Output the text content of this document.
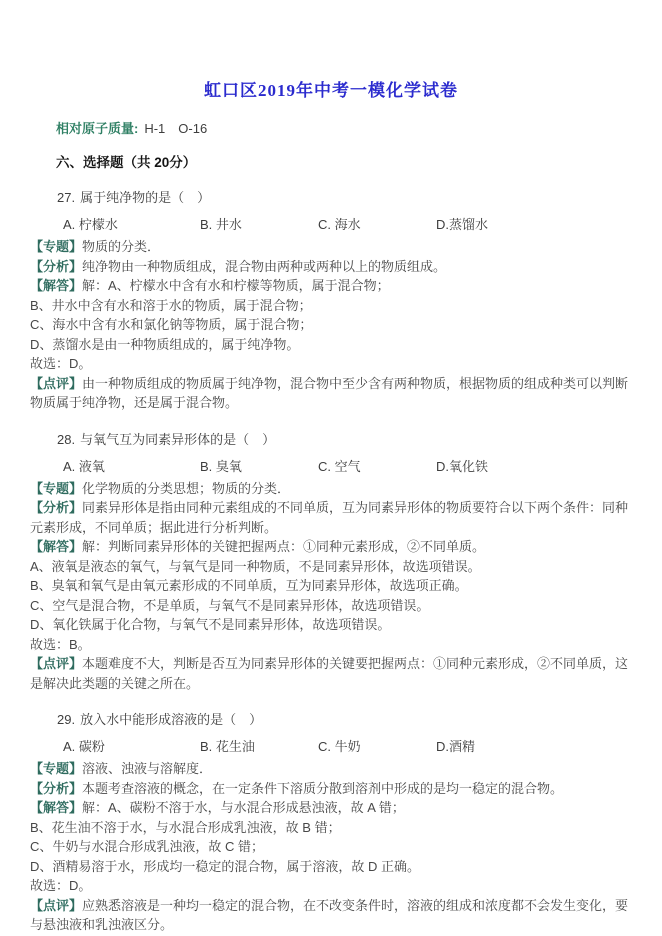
虹口区2019年中考一模化学试卷

相对原子质量: H-1　O-16

六、选择题（共 20分）

27. 属于纯净物的是（　）

A. 柠檬水	B. 井水	C. 海水	D.蒸馏水

【专题】物质的分类．

【分析】纯净物由一种物质组成，混合物由两种或两种以上的物质组成。

【解答】解：A、柠檬水中含有水和柠檬等物质，属于混合物；

B、井水中含有水和溶于水的物质，属于混合物；

C、海水中含有水和氯化钠等物质，属于混合物；

D、蒸馏水是由一种物质组成的，属于纯净物。

故选：D。

【点评】由一种物质组成的物质属于纯净物，混合物中至少含有两种物质，根据物质的组成种类可以判断物质属于纯净物，还是属于混合物。

28. 与氧气互为同素异形体的是（　）

A. 液氧	B. 臭氧	C. 空气	D.氧化铁

【专题】化学物质的分类思想；物质的分类．

【分析】同素异形体是指由同种元素组成的不同单质，互为同素异形体的物质要符合以下两个条件：同种元素形成，不同单质；据此进行分析判断。

【解答】解：判断同素异形体的关键把握两点：①同种元素形成，②不同单质。

A、液氧是液态的氧气，与氧气是同一种物质，不是同素异形体，故选项错误。

B、臭氧和氧气是由氧元素形成的不同单质，互为同素异形体，故选项正确。

C、空气是混合物，不是单质，与氧气不是同素异形体，故选项错误。

D、氧化铁属于化合物，与氧气不是同素异形体，故选项错误。

故选：B。

【点评】本题难度不大，判断是否互为同素异形体的关键要把握两点：①同种元素形成，②不同单质，这是解决此类题的关键之所在。

29. 放入水中能形成溶液的是（　）

A. 碳粉	B. 花生油	C. 牛奶	D.酒精

【专题】溶液、浊液与溶解度．

【分析】本题考查溶液的概念，在一定条件下溶质分散到溶剂中形成的是均一稳定的混合物。

【解答】解：A、碳粉不溶于水，与水混合形成悬浊液，故 A 错；

B、花生油不溶于水，与水混合形成乳浊液，故 B 错；

C、牛奶与水混合形成乳浊液，故 C 错；

D、酒精易溶于水，形成均一稳定的混合物，属于溶液，故 D 正确。

故选：D。

【点评】应熟悉溶液是一种均一稳定的混合物，在不改变条件时，溶液的组成和浓度都不会发生变化，要与悬浊液和乳浊液区分。
